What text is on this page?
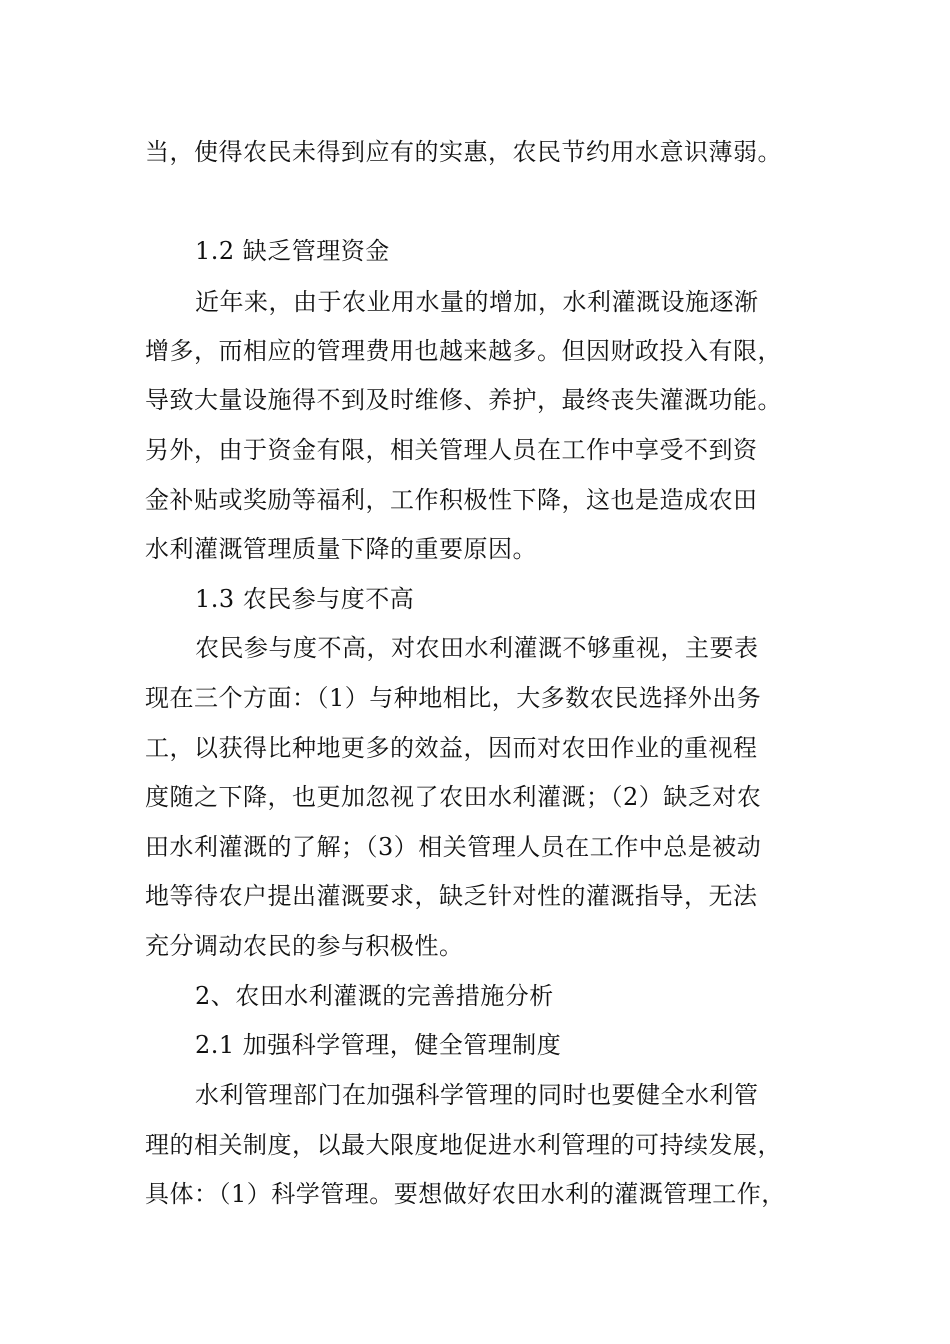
当，使得农民未得到应有的实惠，农民节约用水意识薄弱。
1.2 缺乏管理资金
近年来，由于农业用水量的增加，水利灌溉设施逐渐
增多，而相应的管理费用也越来越多。但因财政投入有限，
导致大量设施得不到及时维修、养护，最终丧失灌溉功能。
另外，由于资金有限，相关管理人员在工作中享受不到资
金补贴或奖励等福利，工作积极性下降，这也是造成农田
水利灌溉管理质量下降的重要原因。
1.3 农民参与度不高
农民参与度不高，对农田水利灌溉不够重视，主要表
现在三个方面：（1）与种地相比，大多数农民选择外出务
工，以获得比种地更多的效益，因而对农田作业的重视程
度随之下降，也更加忽视了农田水利灌溉；（2）缺乏对农
田水利灌溉的了解；（3）相关管理人员在工作中总是被动
地等待农户提出灌溉要求，缺乏针对性的灌溉指导，无法
充分调动农民的参与积极性。
2、农田水利灌溉的完善措施分析
2.1 加强科学管理，健全管理制度
水利管理部门在加强科学管理的同时也要健全水利管
理的相关制度，以最大限度地促进水利管理的可持续发展，
具体：（1）科学管理。要想做好农田水利的灌溉管理工作，
